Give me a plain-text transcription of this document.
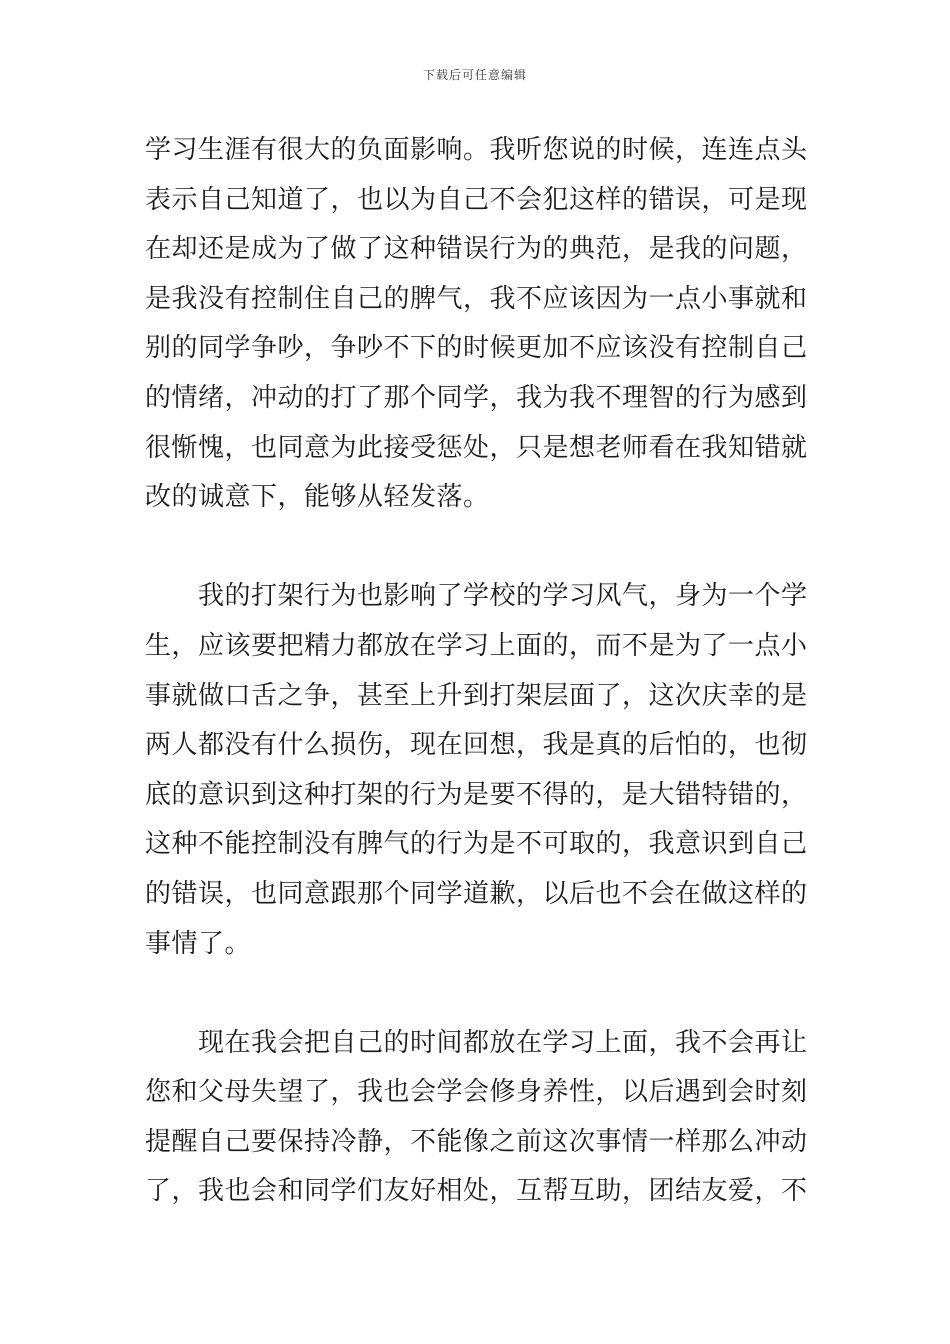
下载后可任意编辑
学习生涯有很大的负面影响。我听您说的时候，连连点头
表示自己知道了，也以为自己不会犯这样的错误，可是现
在却还是成为了做了这种错误行为的典范，是我的问题，
是我没有控制住自己的脾气，我不应该因为一点小事就和
别的同学争吵，争吵不下的时候更加不应该没有控制自己
的情绪，冲动的打了那个同学，我为我不理智的行为感到
很惭愧，也同意为此接受惩处，只是想老师看在我知错就
改的诚意下，能够从轻发落。
　　我的打架行为也影响了学校的学习风气，身为一个学
生，应该要把精力都放在学习上面的，而不是为了一点小
事就做口舌之争，甚至上升到打架层面了，这次庆幸的是
两人都没有什么损伤，现在回想，我是真的后怕的，也彻
底的意识到这种打架的行为是要不得的，是大错特错的，
这种不能控制没有脾气的行为是不可取的，我意识到自己
的错误，也同意跟那个同学道歉，以后也不会在做这样的
事情了。
　　现在我会把自己的时间都放在学习上面，我不会再让
您和父母失望了，我也会学会修身养性，以后遇到会时刻
提醒自己要保持冷静，不能像之前这次事情一样那么冲动
了，我也会和同学们友好相处，互帮互助，团结友爱，不
